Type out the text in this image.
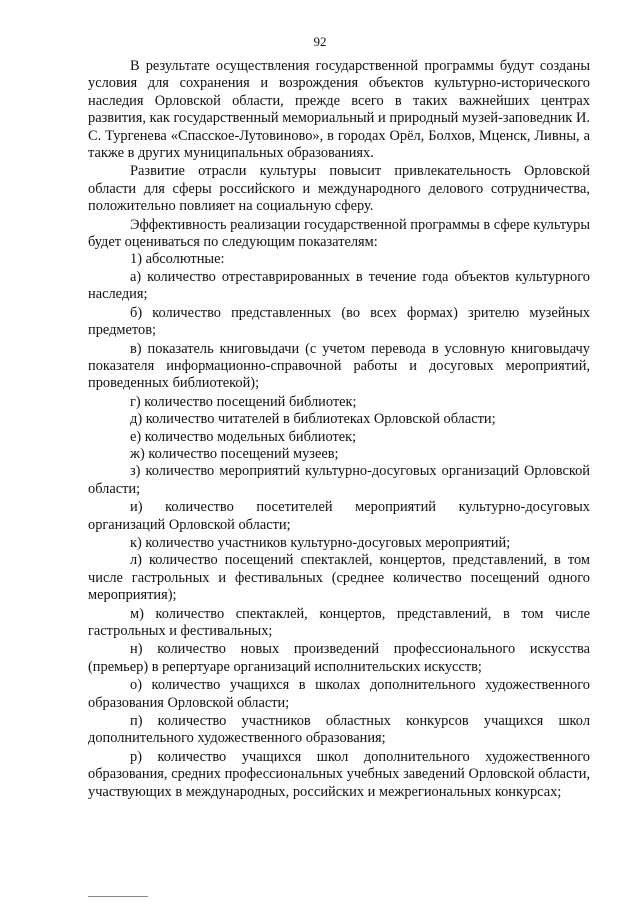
92

В результате осуществления государственной программы будут созданы условия для сохранения и возрождения объектов культурно-исторического наследия Орловской области, прежде всего в таких важнейших центрах развития, как государственный мемориальный и природный музей-заповедник И. С. Тургенева «Спасское-Лутовиново», в городах Орёл, Болхов, Мценск, Ливны, а также в других муниципальных образованиях.

Развитие отрасли культуры повысит привлекательность Орловской области для сферы российского и международного делового сотрудничества, положительно повлияет на социальную сферу.

Эффективность реализации государственной программы в сфере культуры будет оцениваться по следующим показателям:

1) абсолютные:

а) количество отреставрированных в течение года объектов культурного наследия;

б) количество представленных (во всех формах) зрителю музейных предметов;

в) показатель книговыдачи (с учетом перевода в условную книговыдачу показателя информационно-справочной работы и досуговых мероприятий, проведенных библиотекой);

г) количество посещений библиотек;

д) количество читателей в библиотеках Орловской области;

е) количество модельных библиотек;

ж) количество посещений музеев;

з) количество мероприятий культурно-досуговых организаций Орловской области;

и) количество посетителей мероприятий культурно-досуговых организаций Орловской области;

к) количество участников культурно-досуговых мероприятий;

л) количество посещений спектаклей, концертов, представлений, в том числе гастрольных и фестивальных (среднее количество посещений одного мероприятия);

м) количество спектаклей, концертов, представлений, в том числе гастрольных и фестивальных;

н) количество новых произведений профессионального искусства (премьер) в репертуаре организаций исполнительских искусств;

о) количество учащихся в школах дополнительного художественного образования Орловской области;

п) количество участников областных конкурсов учащихся школ дополнительного художественного образования;

р) количество учащихся школ дополнительного художественного образования, средних профессиональных учебных заведений Орловской области, участвующих в международных, российских и межрегиональных конкурсах;
